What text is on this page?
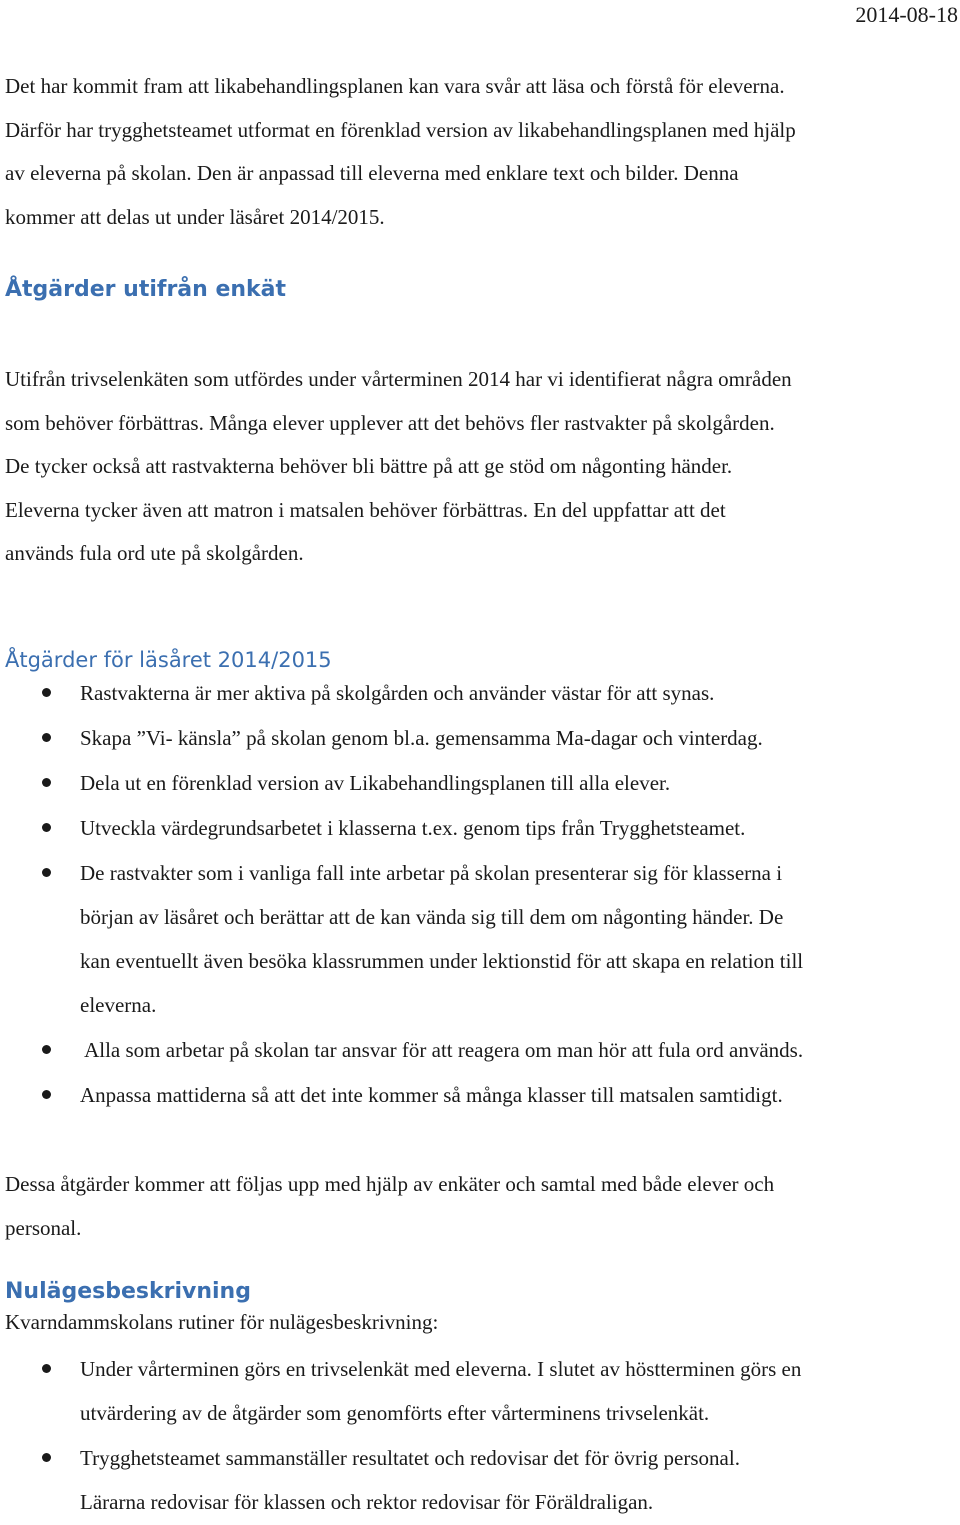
2014-08-18
Det har kommit fram att likabehandlingsplanen kan vara svår att läsa och förstå för eleverna.
Därför har trygghetsteamet utformat en förenklad version av likabehandlingsplanen med hjälp
av eleverna på skolan. Den är anpassad till eleverna med enklare text och bilder. Denna
kommer att delas ut under läsåret 2014/2015.
Åtgärder utifrån enkät
Utifrån trivselenkäten som utfördes under vårterminen 2014 har vi identifierat några områden
som behöver förbättras. Många elever upplever att det behövs fler rastvakter på skolgården.
De tycker också att rastvakterna behöver bli bättre på att ge stöd om någonting händer.
Eleverna tycker även att matron i matsalen behöver förbättras. En del uppfattar att det
används fula ord ute på skolgården.
Åtgärder för läsåret 2014/2015
Rastvakterna är mer aktiva på skolgården och använder västar för att synas.
Skapa ”Vi- känsla” på skolan genom bl.a. gemensamma Ma-dagar och vinterdag.
Dela ut en förenklad version av Likabehandlingsplanen till alla elever.
Utveckla värdegrundsarbetet i klasserna t.ex. genom tips från Trygghetsteamet.
De rastvakter som i vanliga fall inte arbetar på skolan presenterar sig för klasserna i
början av läsåret och berättar att de kan vända sig till dem om någonting händer. De
kan eventuellt även besöka klassrummen under lektionstid för att skapa en relation till
eleverna.
Alla som arbetar på skolan tar ansvar för att reagera om man hör att fula ord används.
Anpassa mattiderna så att det inte kommer så många klasser till matsalen samtidigt.
Dessa åtgärder kommer att följas upp med hjälp av enkäter och samtal med både elever och
personal.
Nulägesbeskrivning
Kvarndammskolans rutiner för nulägesbeskrivning:
Under vårterminen görs en trivselenkät med eleverna. I slutet av höstterminen görs en
utvärdering av de åtgärder som genomförts efter vårterminens trivselenkät.
Trygghetsteamet sammanställer resultatet och redovisar det för övrig personal.
Lärarna redovisar för klassen och rektor redovisar för Föräldraligan.
